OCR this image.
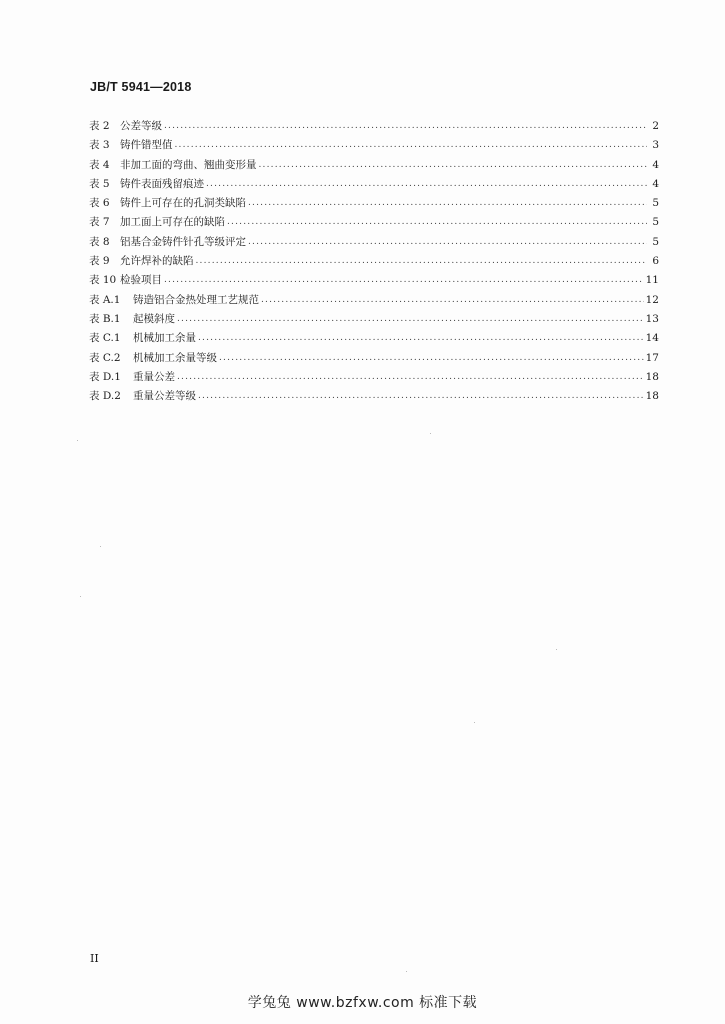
JB/T 5941—2018
表 2 公差等级 .....	2
表 3 铸件错型值 .....	3
表 4 非加工面的弯曲、翘曲变形量 .....	4
表 5 铸件表面残留痕迹 .....	4
表 6 铸件上可存在的孔洞类缺陷 .....	5
表 7 加工面上可存在的缺陷 .....	5
表 8 铝基合金铸件针孔等级评定 .....	5
表 9 允许焊补的缺陷 .....	6
表 10 检验项目 .....	11
表 A.1	铸造铝合金热处理工艺规范 .....	12
表 B.1	起模斜度 .....	13
表 C.1	机械加工余量 .....	14
表 C.2	机械加工余量等级 .....	17
表 D.1	重量公差 .....	18
表 D.2	重量公差等级 .....	18
II
学兔兔 www.bzfxw.com 标准下载
